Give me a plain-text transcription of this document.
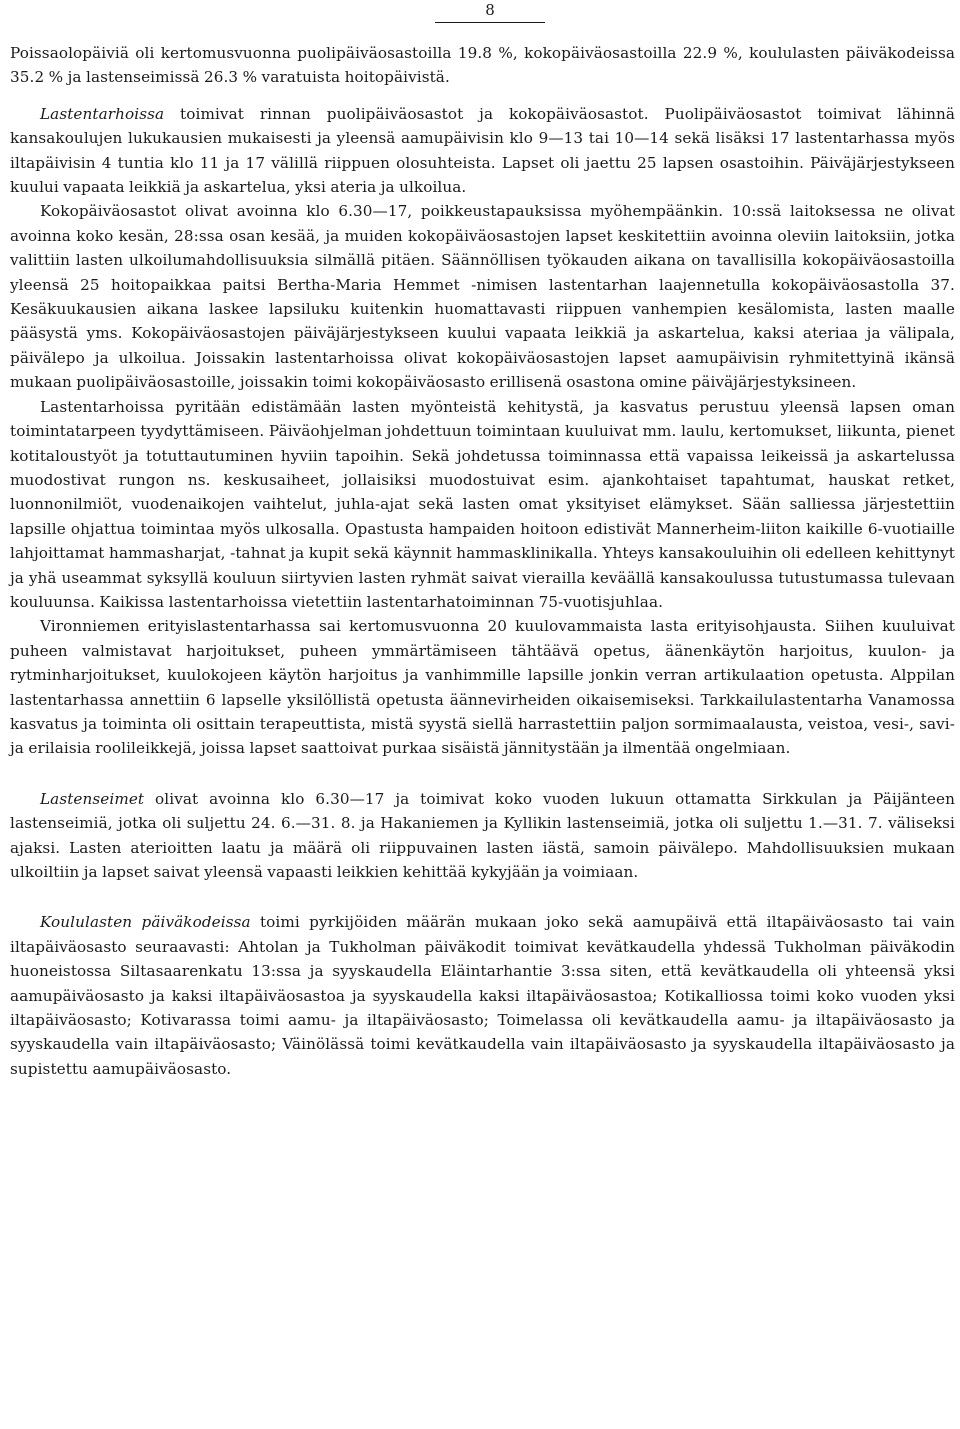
8

Poissaolopäiviä oli kertomusvuonna puolipäiväosastoilla 19.8 %, kokopäiväosastoilla 22.9 %, koululasten päiväkodeissa 35.2 % ja lastenseimissä 26.3 % varatuista hoitopäivistä.

Lastentarhoissa toimivat rinnan puolipäiväosastot ja kokopäiväosastot. Puolipäiväosastot toimivat lähinnä kansakoulujen lukukausien mukaisesti ja yleensä aamupäivisin klo 9—13 tai 10—14 sekä lisäksi 17 lastentarhassa myös iltapäivisin 4 tuntia klo 11 ja 17 välillä riippuen olosuhteista. Lapset oli jaettu 25 lapsen osastoihin. Päiväjärjestykseen kuului vapaata leikkiä ja askartelua, yksi ateria ja ulkoilua.

Kokopäiväosastot olivat avoinna klo 6.30—17, poikkeustapauksissa myöhempäänkin. 10:ssä laitoksessa ne olivat avoinna koko kesän, 28:ssa osan kesää, ja muiden kokopäiväosastojen lapset keskitettiin avoinna oleviin laitoksiin, jotka valittiin lasten ulkoilumahdollisuuksia silmällä pitäen. Säännöllisen työkauden aikana on tavallisilla kokopäiväosastoilla yleensä 25 hoitopaikkaa paitsi Bertha-Maria Hemmet -nimisen lastentarhan laajennetulla kokopäiväosastolla 37. Kesäkuukausien aikana laskee lapsiluku kuitenkin huomattavasti riippuen vanhempien kesälomista, lasten maalle pääsystä yms. Kokopäiväosastojen päiväjärjestykseen kuului vapaata leikkiä ja askartelua, kaksi ateriaa ja välipala, päivälepo ja ulkoilua. Joissakin lastentarhoissa olivat kokopäiväosastojen lapset aamupäivisin ryhmitettyinä ikänsä mukaan puolipäiväosastoille, joissakin toimi kokopäiväosasto erillisenä osastona omine päiväjärjestyksineen.

Lastentarhoissa pyritään edistämään lasten myönteistä kehitystä, ja kasvatus perustuu yleensä lapsen oman toimintatarpeen tyydyttämiseen. Päiväohjelman johdettuun toimintaan kuuluivat mm. laulu, kertomukset, liikunta, pienet kotitaloustyöt ja totuttautuminen hyviin tapoihin. Sekä johdetussa toiminnassa että vapaissa leikeissä ja askartelussa muodostivat rungon ns. keskusaiheet, jollaisiksi muodostuivat esim. ajankohtaiset tapahtumat, hauskat retket, luonnonilmiöt, vuodenaikojen vaihtelut, juhla-ajat sekä lasten omat yksityiset elämykset. Sään salliessa järjestettiin lapsille ohjattua toimintaa myös ulkosalla. Opastusta hampaiden hoitoon edistivät Mannerheim-liiton kaikille 6-vuotiaille lahjoittamat hammasharjat, -tahnat ja kupit sekä käynnit hammasklinikalla. Yhteys kansakouluihin oli edelleen kehittynyt ja yhä useammat syksyllä kouluun siirtyvien lasten ryhmät saivat vierailla keväällä kansakoulussa tutustumassa tulevaan kouluunsa. Kaikissa lastentarhoissa vietettiin lastentarhatoiminnan 75-vuotisjuhlaa.

Vironniemen erityislastentarhassa sai kertomusvuonna 20 kuulovammaista lasta erityisohjausta. Siihen kuuluivat puheen valmistavat harjoitukset, puheen ymmärtämiseen tähtäävä opetus, äänenkäytön harjoitus, kuulon- ja rytminharjoitukset, kuulokojeen käytön harjoitus ja vanhimmille lapsille jonkin verran artikulaation opetusta. Alppilan lastentarhassa annettiin 6 lapselle yksilöllistä opetusta äännevirheiden oikaisemiseksi. Tarkkailulastentarha Vanamossa kasvatus ja toiminta oli osittain terapeuttista, mistä syystä siellä harrastettiin paljon sormimaalausta, veistoa, vesi-, savi- ja erilaisia roolileikkejä, joissa lapset saattoivat purkaa sisäistä jännitystään ja ilmentää ongelmiaan.

Lastenseimet olivat avoinna klo 6.30—17 ja toimivat koko vuoden lukuun ottamatta Sirkkulan ja Päijänteen lastenseimiä, jotka oli suljettu 24. 6.—31. 8. ja Hakaniemen ja Kyllikin lastenseimiä, jotka oli suljettu 1.—31. 7. väliseksi ajaksi. Lasten aterioitten laatu ja määrä oli riippuvainen lasten iästä, samoin päivälepo. Mahdollisuuksien mukaan ulkoiltiin ja lapset saivat yleensä vapaasti leikkien kehittää kykyjään ja voimiaan.

Koululasten päiväkodeissa toimi pyrkijöiden määrän mukaan joko sekä aamupäivä että iltapäiväosasto tai vain iltapäiväosasto seuraavasti: Ahtolan ja Tukholman päiväkodit toimivat kevätkaudella yhdessä Tukholman päiväkodin huoneistossa Siltasaarenkatu 13:ssa ja syyskaudella Eläintarhantie 3:ssa siten, että kevätkaudella oli yhteensä yksi aamupäiväosasto ja kaksi iltapäiväosastoa ja syyskaudella kaksi iltapäiväosastoa; Kotikalliossa toimi koko vuoden yksi iltapäiväosasto; Kotivarassa toimi aamu- ja iltapäiväosasto; Toimelassa oli kevätkaudella aamu- ja iltapäiväosasto ja syyskaudella vain iltapäiväosasto; Väinölässä toimi kevätkaudella vain iltapäiväosasto ja syyskaudella iltapäiväosasto ja supistettu aamupäiväosasto.
